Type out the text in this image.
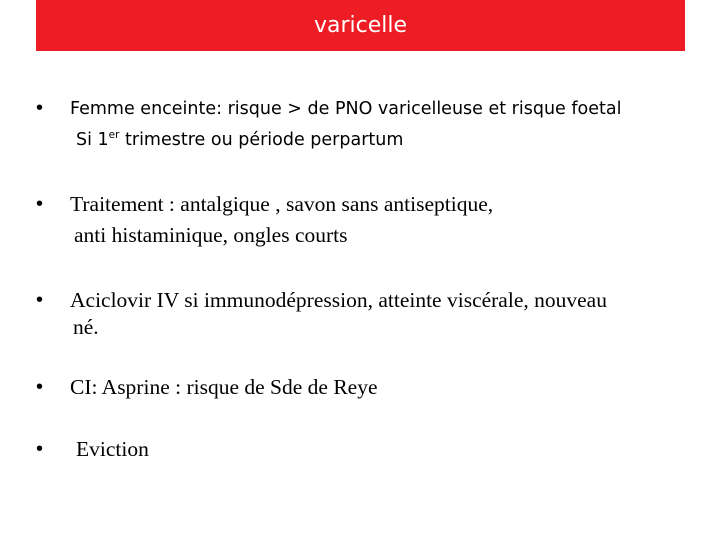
varicelle
• Femme enceinte: risque > de PNO varicelleuse et risque foetal
Si 1er trimestre ou période perpartum
• Traitement : antalgique , savon sans antiseptique,
anti histaminique, ongles courts
• Aciclovir IV si immunodépression, atteinte viscérale, nouveau
né.
• CI: Asprine : risque de Sde de Reye
• Eviction
